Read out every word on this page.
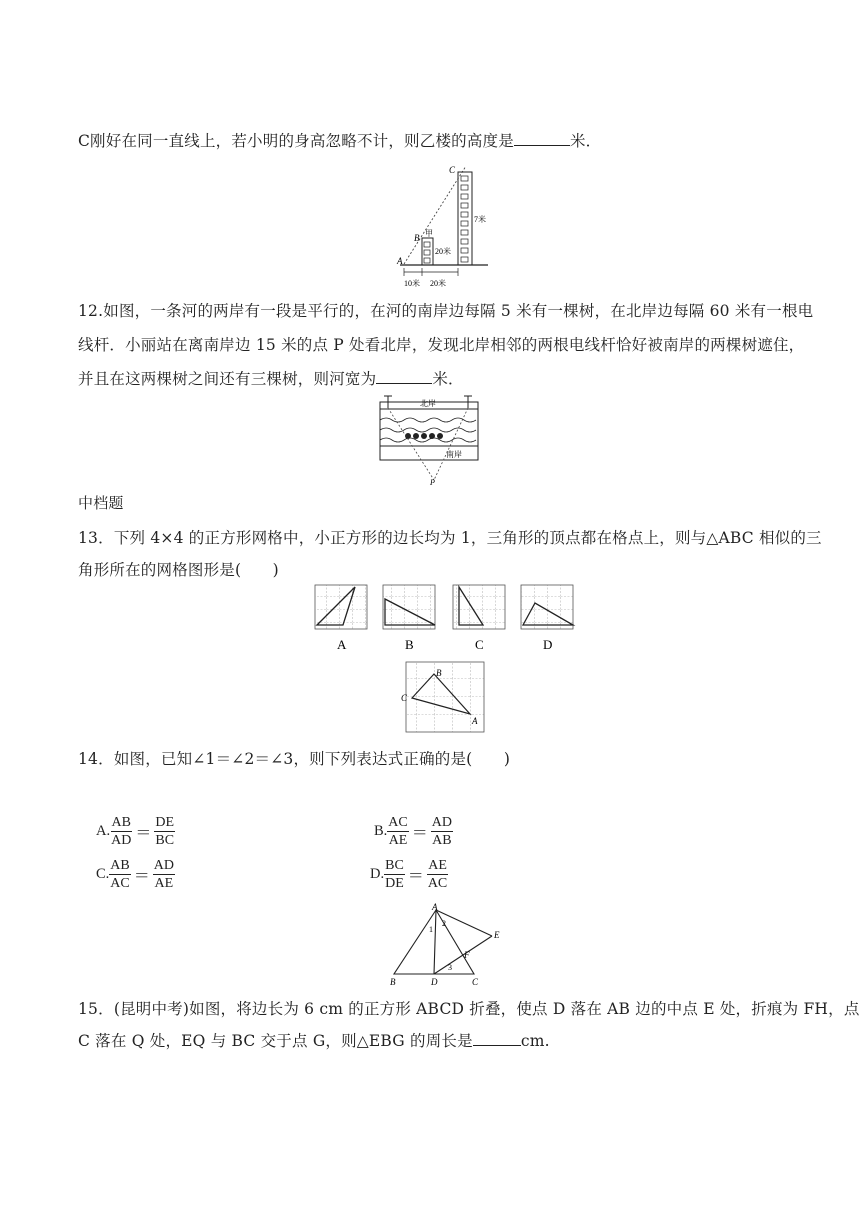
C刚好在同一直线上，若小明的身高忽略不计，则乙楼的高度是	米．
C
B
A
甲
20米
7米
10米 20米
12.如图，一条河的两岸有一段是平行的，在河的南岸边每隔 5 米有一棵树，在北岸边每隔 60 米有一根电
线杆．小丽站在离南岸边 15 米的点 P 处看北岸，发现北岸相邻的两根电线杆恰好被南岸的两棵树遮住，
并且在这两棵树之间还有三棵树，则河宽为	米．
北岸
南岸
P
中档题
13．下列 4×4 的正方形网格中，小正方形的边长均为 1，三角形的顶点都在格点上，则与△ABC 相似的三
角形所在的网格图形是(　　)
A	B	C	D
B
C
A
14．如图，已知∠1＝∠2＝∠3，则下列表达式正确的是(　　)
A. $\frac{AB}{AD} = \frac{DE}{BC}$	B. $\frac{AC}{AE} = \frac{AD}{AB}$
C. $\frac{AB}{AC} = \frac{AD}{AE}$	D. $\frac{BC}{DE} = \frac{AE}{AC}$
A
B	C
D
E
F
1
2
3
15．(昆明中考)如图，将边长为 6 cm 的正方形 ABCD 折叠，使点 D 落在 AB 边的中点 E 处，折痕为 FH，点
C 落在 Q 处，EQ 与 BC 交于点 G，则△EBG 的周长是	cm.
